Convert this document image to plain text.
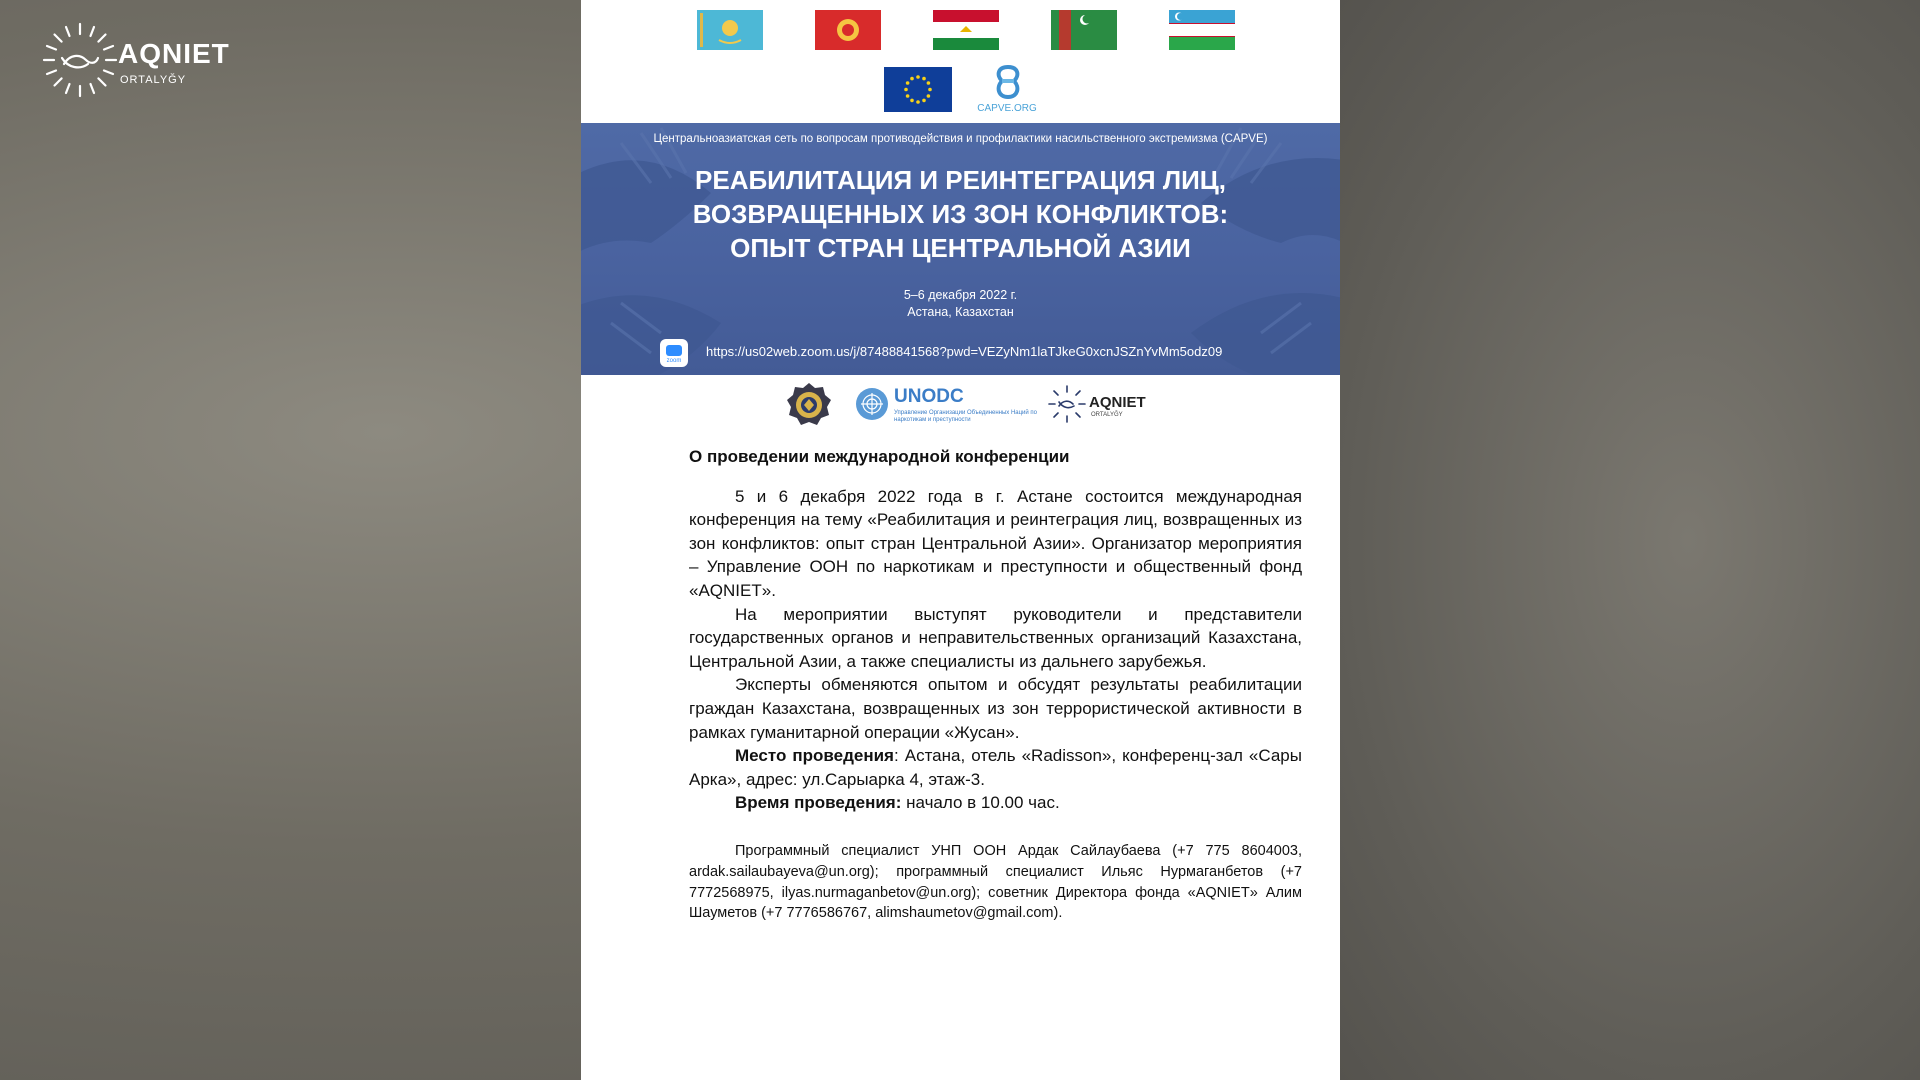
AQNIET
ORTALYĞY
CAPVE.ORG
Центральноазиатская сеть по вопросам противодействия и профилактики насильственного экстремизма (CAPVE)
РЕАБИЛИТАЦИЯ И РЕИНТЕГРАЦИЯ ЛИЦ,
ВОЗВРАЩЕННЫХ ИЗ ЗОН КОНФЛИКТОВ:
ОПЫТ СТРАН ЦЕНТРАЛЬНОЙ АЗИИ
5–6 декабря 2022 г.
Астана, Казахстан
zoom
https://us02web.zoom.us/j/87488841568?pwd=VEZyNm1laTJkeG0xcnJSZnYvMm5odz09
UNODC
Управление Организации Объединенных Наций по наркотикам и преступности
AQNIET
ORTALYĞY
О проведении международной конференции

5 и 6 декабря 2022 года в г. Астане состоится международная конференция на тему «Реабилитация и реинтеграция лиц, возвращенных из зон конфликтов: опыт стран Центральной Азии». Организатор мероприятия – Управление ООН по наркотикам и преступности и общественный фонд «AQNIET».

На мероприятии выступят руководители и представители государственных органов и неправительственных организаций Казахстана, Центральной Азии, а также специалисты из дальнего зарубежья.

Эксперты обменяются опытом и обсудят результаты реабилитации граждан Казахстана, возвращенных из зон террористической активности в рамках гуманитарной операции «Жусан».

Место проведения: Астана, отель «Radisson», конференц-зал «Сары Арка», адрес: ул.Сарыарка 4, этаж-3.

Время проведения: начало в 10.00 час.

Программный специалист УНП ООН Ардак Сайлаубаева (+7 775 8604003, ardak.sailaubayeva@un.org); программный специалист Ильяс Нурмаганбетов (+7 7772568975, ilyas.nurmaganbetov@un.org); советник Директора фонда «AQNIET» Алим Шауметов (+7 7776586767, alimshaumetov@gmail.com).
